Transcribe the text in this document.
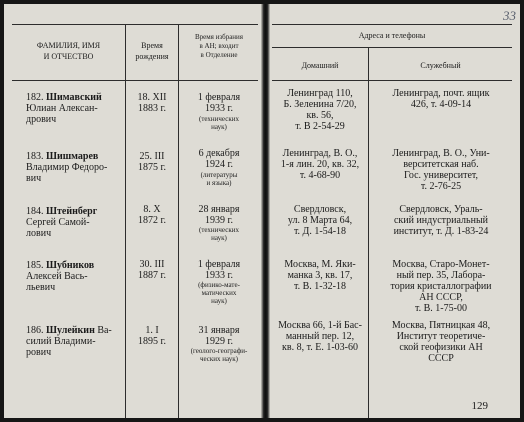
33
ФАМИЛИЯ, ИМЯ
И ОТЧЕСТВО
Время
рождения
Время избрания
в АН; входит
в Отделение
Адреса и телефоны
Домашний	Служебный
182. Шимавский
Юлиан Алексан-
дрович
18. XII
1883 г.
1 февраля
1933 г.
(технических
наук)
Ленинград 110,
Б. Зеленина 7/20,
кв. 56,
т. В 2-54-29
Ленинград, почт. ящик
426, т. 4-09-14
183. Шишмарев
Владимир Федоро-
вич
25. III
1875 г.
6 декабря
1924 г.
(литературы
и языка)
Ленинград, В. О.,
1-я лин. 20, кв. 32,
т. 4-68-90
Ленинград, В. О., Уни-
верситетская наб.
Гос. университет,
т. 2-76-25
184. Штейнберг
Сергей Самой-
лович
8. X
1872 г.
28 января
1939 г.
(технических
наук)
Свердловск,
ул. 8 Марта 64,
т. Д. 1-54-18
Свердловск, Ураль-
ский индустриальный
институт, т. Д. 1-83-24
185. Шубников
Алексей Вась-
льевич
30. III
1887 г.
1 февраля
1933 г.
(физико-мате-
матических
наук)
Москва, М. Яки-
манка 3, кв. 17,
т. В. 1-32-18
Москва, Старо-Монет-
ный пер. 35, Лабора-
тория кристаллографии
АН СССР,
т. В. 1-75-00
186. Шулейкин Ва-
силий Владими-
рович
1. I
1895 г.
31 января
1929 г.
(геолого-географи-
ческих наук)
Москва 66, 1-й Бас-
манный пер. 12,
кв. 8, т. Е. 1-03-60
Москва, Пятницкая 48,
Институт теоретиче-
ской геофизики АН
СССР
129
